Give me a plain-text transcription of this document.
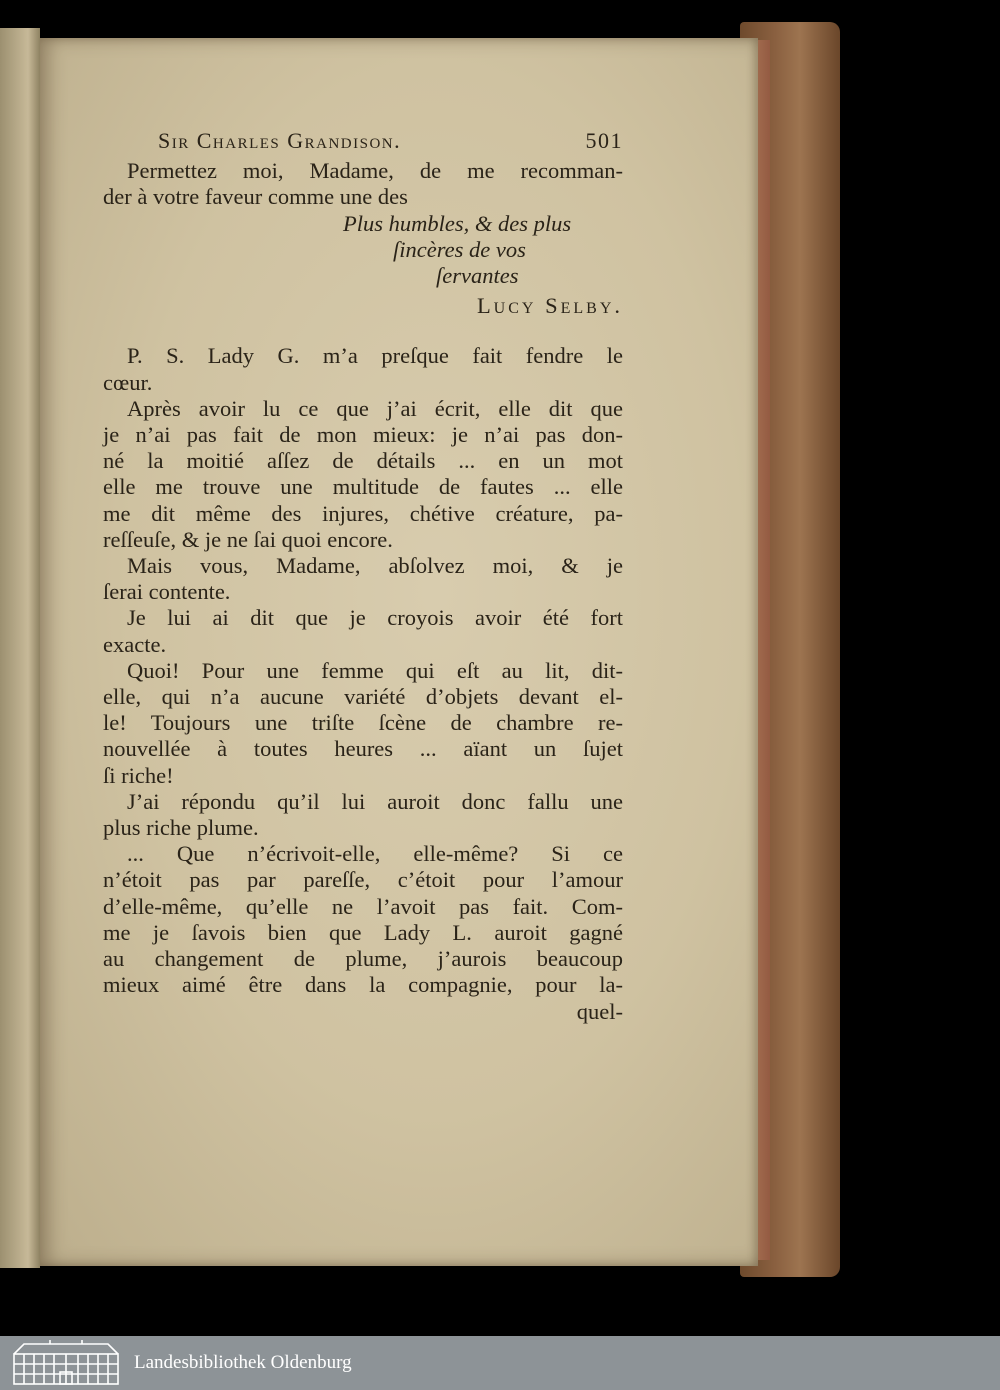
Sir Charles Grandison.	501
Permettez moi, Madame, de me recomman-
der à votre faveur comme une des
Plus humbles, & des plus
ſincères de vos
ſervantes
Lucy Selby.
P. S. Lady G. m’a preſque fait fendre le
cœur.
Après avoir lu ce que j’ai écrit, elle dit que
je n’ai pas fait de mon mieux: je n’ai pas don-
né la moitié aſſez de détails ... en un mot
elle me trouve une multitude de fautes ... elle
me dit même des injures, chétive créature, pa-
reſſeuſe, & je ne ſai quoi encore.
Mais vous, Madame, abſolvez moi, & je
ſerai contente.
Je lui ai dit que je croyois avoir été fort
exacte.
Quoi! Pour une femme qui eſt au lit, dit-
elle, qui n’a aucune variété d’objets devant el-
le! Toujours une triſte ſcène de chambre re-
nouvellée à toutes heures ... aïant un ſujet
ſi riche!
J’ai répondu qu’il lui auroit donc fallu une
plus riche plume.
... Que n’écrivoit-elle, elle-même? Si ce
n’étoit pas par pareſſe, c’étoit pour l’amour
d’elle-même, qu’elle ne l’avoit pas fait. Com-
me je ſavois bien que Lady L. auroit gagné
au changement de plume, j’aurois beaucoup
mieux aimé être dans la compagnie, pour la-
quel-
Landesbibliothek Oldenburg
